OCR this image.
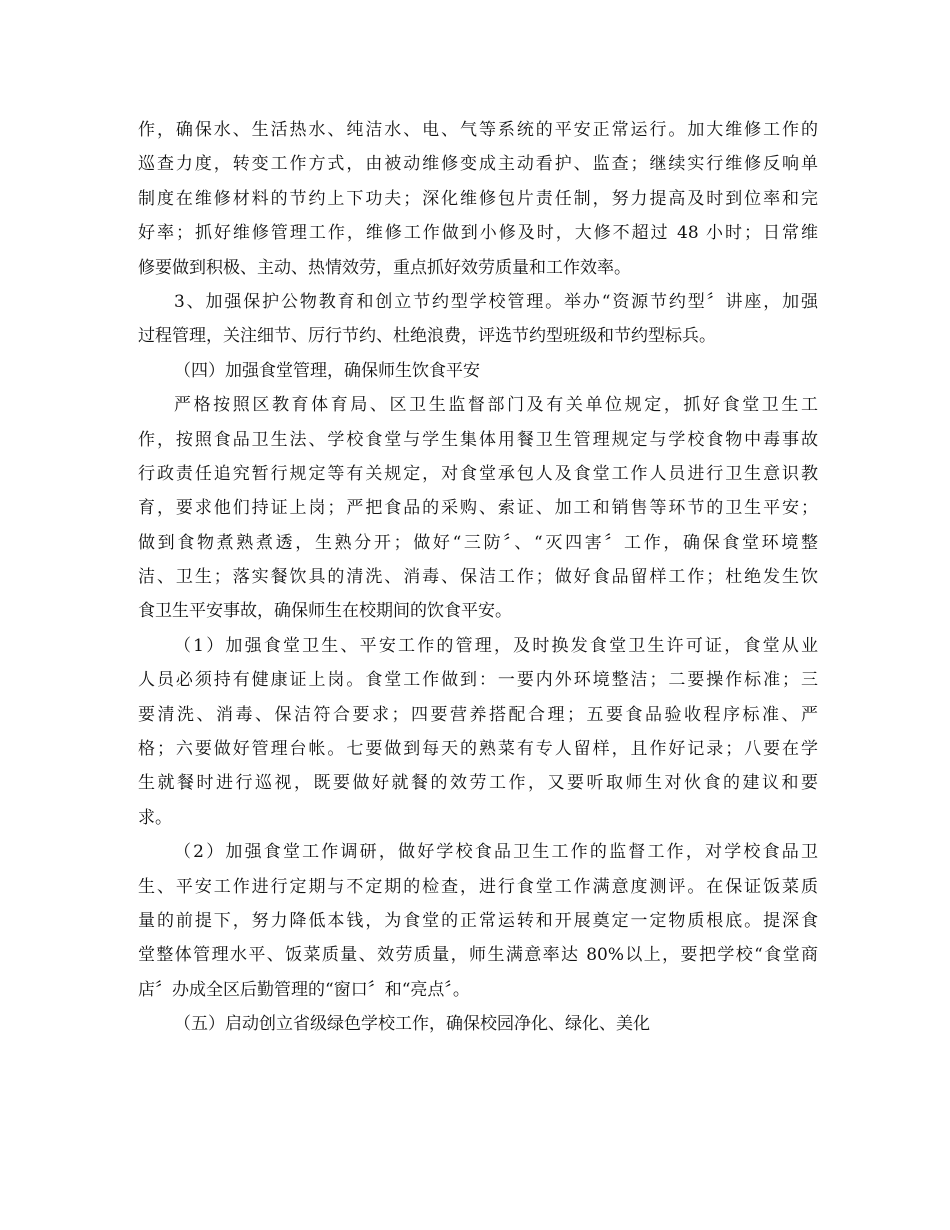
作，确保水、生活热水、纯洁水、电、气等系统的平安正常运行。加大维修工作的
巡查力度，转变工作方式，由被动维修变成主动看护、监查；继续实行维修反响单
制度在维修材料的节约上下功夫；深化维修包片责任制，努力提高及时到位率和完
好率；抓好维修管理工作，维修工作做到小修及时，大修不超过 48 小时；日常维
修要做到积极、主动、热情效劳，重点抓好效劳质量和工作效率。
3、加强保护公物教育和创立节约型学校管理。举办“资源节约型〞讲座，加强
过程管理，关注细节、厉行节约、杜绝浪费，评选节约型班级和节约型标兵。
（四）加强食堂管理，确保师生饮食平安
严格按照区教育体育局、区卫生监督部门及有关单位规定，抓好食堂卫生工
作，按照食品卫生法、学校食堂与学生集体用餐卫生管理规定与学校食物中毒事故
行政责任追究暂行规定等有关规定，对食堂承包人及食堂工作人员进行卫生意识教
育，要求他们持证上岗；严把食品的采购、索证、加工和销售等环节的卫生平安；
做到食物煮熟煮透，生熟分开；做好“三防〞、“灭四害〞工作，确保食堂环境整
洁、卫生；落实餐饮具的清洗、消毒、保洁工作；做好食品留样工作；杜绝发生饮
食卫生平安事故，确保师生在校期间的饮食平安。
（1）加强食堂卫生、平安工作的管理，及时换发食堂卫生许可证，食堂从业
人员必须持有健康证上岗。食堂工作做到：一要内外环境整洁；二要操作标准；三
要清洗、消毒、保洁符合要求；四要营养搭配合理；五要食品验收程序标准、严
格；六要做好管理台帐。七要做到每天的熟菜有专人留样，且作好记录；八要在学
生就餐时进行巡视，既要做好就餐的效劳工作，又要听取师生对伙食的建议和要
求。
（2）加强食堂工作调研，做好学校食品卫生工作的监督工作，对学校食品卫
生、平安工作进行定期与不定期的检查，进行食堂工作满意度测评。在保证饭菜质
量的前提下，努力降低本钱，为食堂的正常运转和开展奠定一定物质根底。提深食
堂整体管理水平、饭菜质量、效劳质量，师生满意率达 80%以上，要把学校“食堂商
店〞办成全区后勤管理的“窗口〞和“亮点〞。
（五）启动创立省级绿色学校工作，确保校园净化、绿化、美化
